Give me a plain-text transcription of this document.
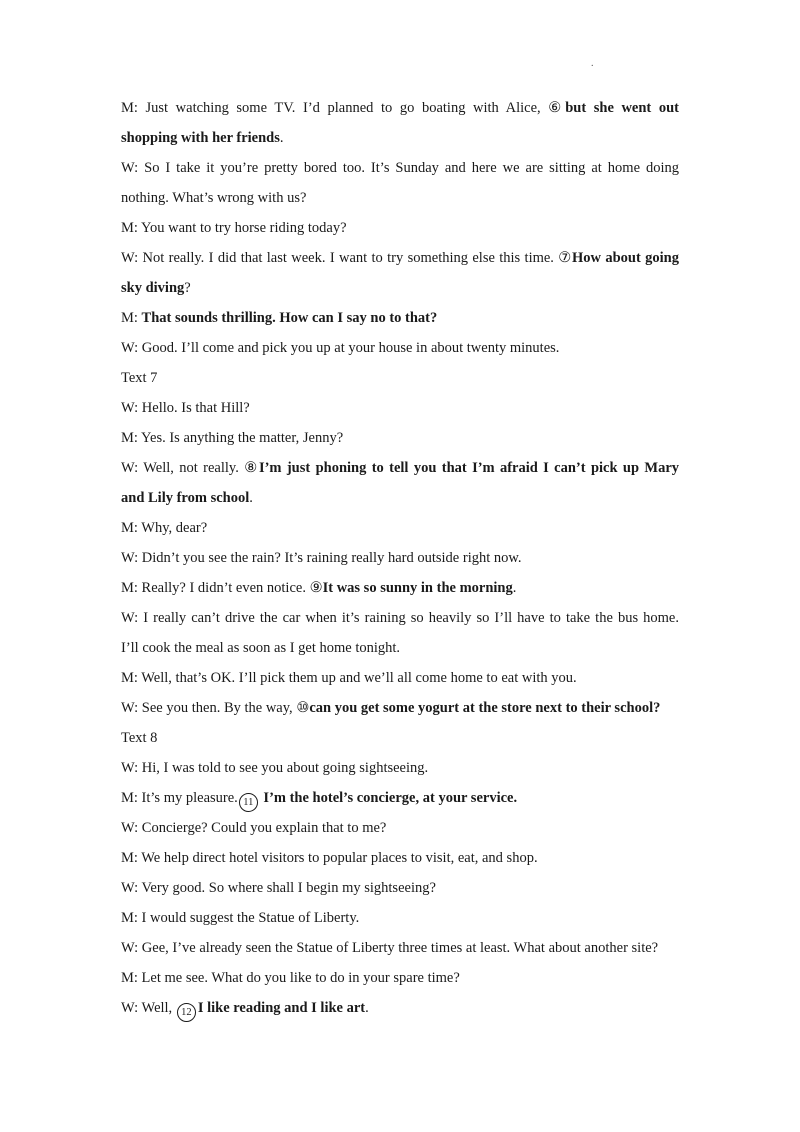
.
M: Just watching some TV. I’d planned to go boating with Alice, ⑥but she went out
shopping with her friends.
W: So I take it you’re pretty bored too. It’s Sunday and here we are sitting at home doing
nothing. What’s wrong with us?
M: You want to try horse riding today?
W: Not really. I did that last week. I want to try something else this time. ⑦How about going
sky diving?
M: That sounds thrilling. How can I say no to that?
W: Good. I’ll come and pick you up at your house in about twenty minutes.
Text 7
W: Hello. Is that Hill?
M: Yes. Is anything the matter, Jenny?
W: Well, not really. ⑧I’m just phoning to tell you that I’m afraid I can’t pick up Mary
and Lily from school.
M: Why, dear?
W: Didn’t you see the rain? It’s raining really hard outside right now.
M: Really? I didn’t even notice. ⑨It was so sunny in the morning.
W: I really can’t drive the car when it’s raining so heavily so I’ll have to take the bus home.
I’ll cook the meal as soon as I get home tonight.
M: Well, that’s OK. I’ll pick them up and we’ll all come home to eat with you.
W: See you then. By the way, ⑩can you get some yogurt at the store next to their school?
Text 8
W: Hi, I was told to see you about going sightseeing.
M: It’s my pleasure. 11 I’m the hotel’s concierge, at your service.
W: Concierge? Could you explain that to me?
M: We help direct hotel visitors to popular places to visit, eat, and shop.
W: Very good. So where shall I begin my sightseeing?
M: I would suggest the Statue of Liberty.
W: Gee, I’ve already seen the Statue of Liberty three times at least. What about another site?
M: Let me see. What do you like to do in your spare time?
W: Well, 12 I like reading and I like art.
